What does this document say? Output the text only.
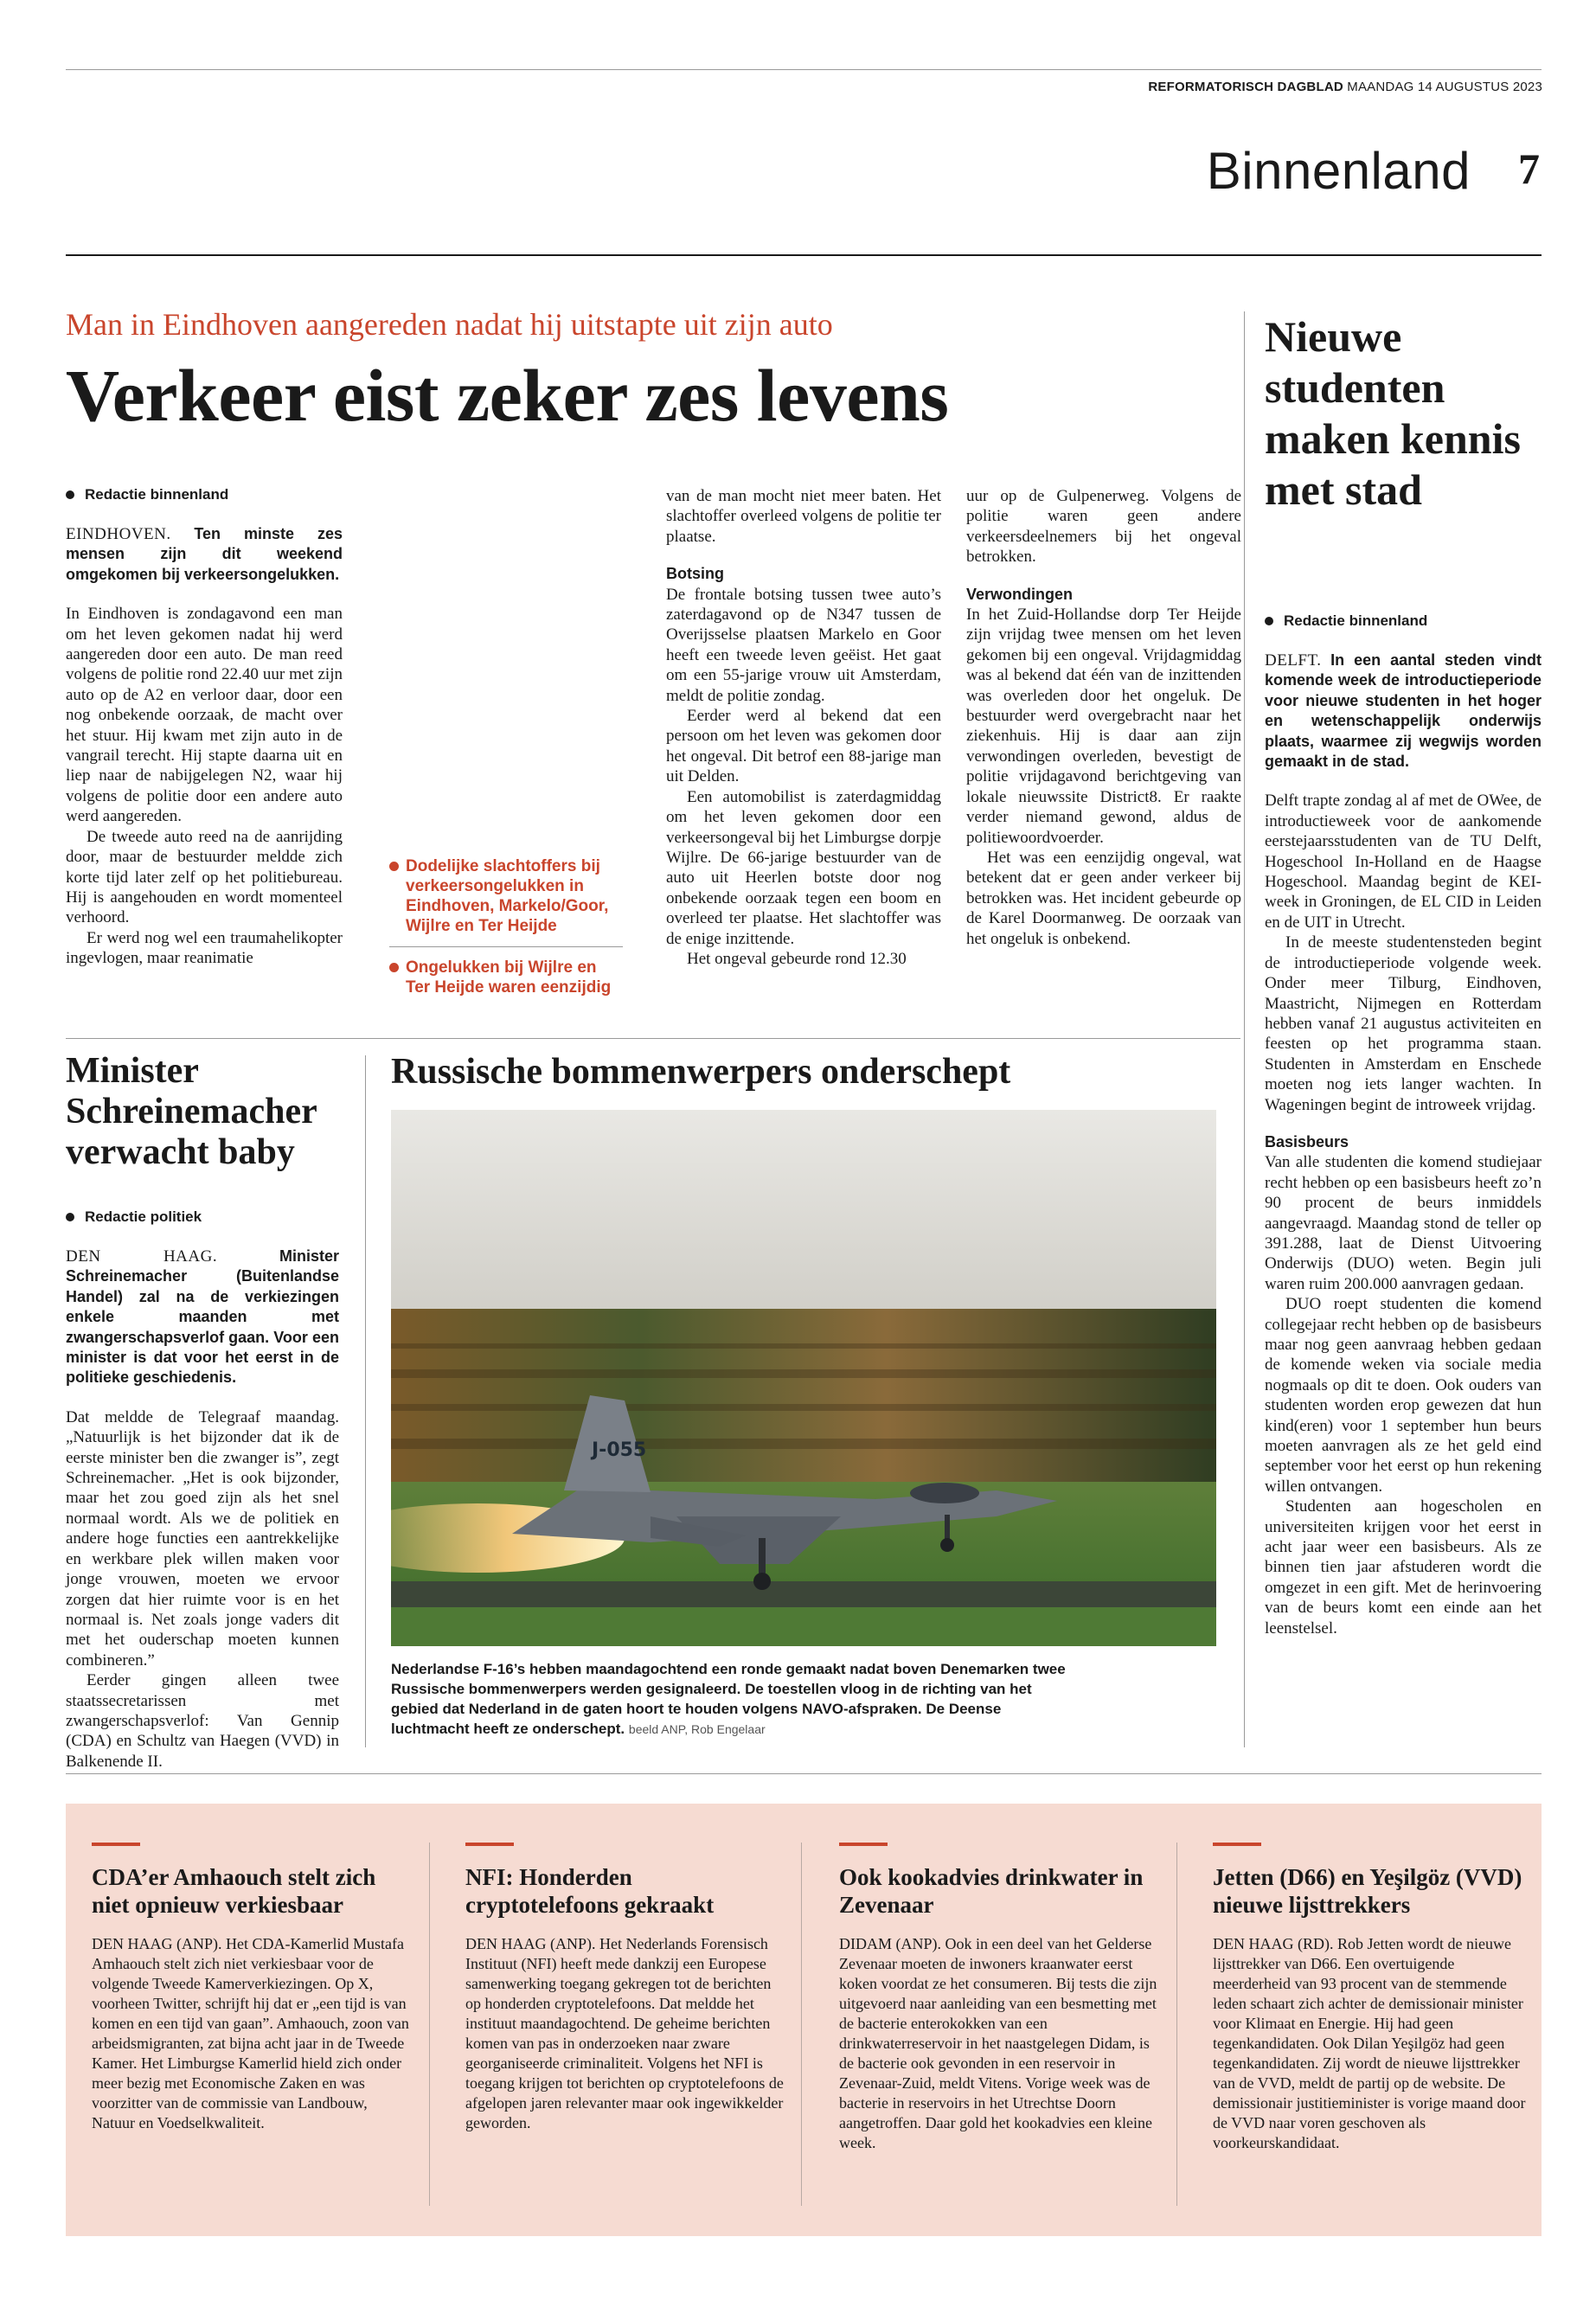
REFORMATORISCH DAGBLAD MAANDAG 14 AUGUSTUS 2023
Binnenland	7
Man in Eindhoven aangereden nadat hij uitstapte uit zijn auto
Verkeer eist zeker zes levens
Redactie binnenland

EINDHOVEN. Ten minste zes mensen zijn dit weekend omgekomen bij verkeersongelukken.

In Eindhoven is zondagavond een man om het leven gekomen nadat hij werd aangereden door een auto. De man reed volgens de politie rond 22.40 uur met zijn auto op de A2 en verloor daar, door een nog onbekende oorzaak, de macht over het stuur. Hij kwam met zijn auto in de vangrail terecht. Hij stapte daarna uit en liep naar de nabijgelegen N2, waar hij volgens de politie door een andere auto werd aangereden.

De tweede auto reed na de aanrijding door, maar de bestuurder meldde zich korte tijd later zelf op het politiebureau. Hij is aangehouden en wordt momenteel verhoord.

Er werd nog wel een traumahelikopter ingevlogen, maar reanimatie

Dodelijke slachtoffers bij verkeersongelukken in Eindhoven, Markelo/Goor, Wijlre en Ter Heijde
Ongelukken bij Wijlre en Ter Heijde waren eenzijdig

van de man mocht niet meer baten. Het slachtoffer overleed volgens de politie ter plaatse.

Botsing

De frontale botsing tussen twee auto’s zaterdagavond op de N347 tussen de Overijsselse plaatsen Markelo en Goor heeft een tweede leven geëist. Het gaat om een 55-jarige vrouw uit Amsterdam, meldt de politie zondag.

Eerder werd al bekend dat een persoon om het leven was gekomen door het ongeval. Dit betrof een 88-jarige man uit Delden.

Een automobilist is zaterdagmiddag om het leven gekomen door een verkeersongeval bij het Limburgse dorpje Wijlre. De 66-jarige bestuurder van de auto uit Heerlen botste door nog onbekende oorzaak tegen een boom en overleed ter plaatse. Het slachtoffer was de enige inzittende.

Het ongeval gebeurde rond 12.30

uur op de Gulpenerweg. Volgens de politie waren geen andere verkeersdeelnemers bij het ongeval betrokken.

Verwondingen

In het Zuid-Hollandse dorp Ter Heijde zijn vrijdag twee mensen om het leven gekomen bij een ongeval. Vrijdagmiddag was al bekend dat één van de inzittenden was overleden door het ongeluk. De bestuurder werd overgebracht naar het ziekenhuis. Hij is daar aan zijn verwondingen overleden, bevestigt de politie vrijdagavond berichtgeving van lokale nieuwssite District8. Er raakte verder niemand gewond, aldus de politiewoordvoerder.

Het was een eenzijdig ongeval, wat betekent dat er geen ander verkeer bij betrokken was. Het incident gebeurde op de Karel Doormanweg. De oorzaak van het ongeluk is onbekend.

Nieuwe studenten maken kennis met stad
Redactie binnenland

DELFT. In een aantal steden vindt komende week de introductieperiode voor nieuwe studenten in het hoger en wetenschappelijk onderwijs plaats, waarmee zij wegwijs worden gemaakt in de stad.

Delft trapte zondag al af met de OWee, de introductieweek voor de aankomende eerstejaarsstudenten van de TU Delft, Hogeschool In-Holland en de Haagse Hogeschool. Maandag begint de KEI-week in Groningen, de EL CID in Leiden en de UIT in Utrecht.

In de meeste studentensteden begint de introductieperiode volgende week. Onder meer Tilburg, Eindhoven, Maastricht, Nijmegen en Rotterdam hebben vanaf 21 augustus activiteiten en feesten op het programma staan. Studenten in Amsterdam en Enschede moeten nog iets langer wachten. In Wageningen begint de introweek vrijdag.

Basisbeurs

Van alle studenten die komend studiejaar recht hebben op een basisbeurs heeft zo’n 90 procent de beurs inmiddels aangevraagd. Maandag stond de teller op 391.288, laat de Dienst Uitvoering Onderwijs (DUO) weten. Begin juli waren ruim 200.000 aanvragen gedaan.

DUO roept studenten die komend collegejaar recht hebben op de basisbeurs maar nog geen aanvraag hebben gedaan de komende weken via sociale media nogmaals op dit te doen. Ook ouders van studenten worden erop gewezen dat hun kind(eren) voor 1 september hun beurs moeten aanvragen als ze het geld eind september voor het eerst op hun rekening willen ontvangen.

Studenten aan hogescholen en universiteiten krijgen voor het eerst in acht jaar weer een basisbeurs. Als ze binnen tien jaar afstuderen wordt die omgezet in een gift. Met de herinvoering van de beurs komt een einde aan het leenstelsel.

Minister Schreinemacher verwacht baby
Redactie politiek

DEN HAAG.	Minister Schreinemacher (Buitenlandse Handel) zal na de verkiezingen enkele maanden met zwangerschapsverlof gaan. Voor een minister is dat voor het eerst in de politieke geschiedenis.

Dat meldde de Telegraaf maandag. „Natuurlijk is het bijzonder dat ik de eerste minister ben die zwanger is”, zegt Schreinemacher. „Het is ook bijzonder, maar het zou goed zijn als het snel normaal wordt. Als we de politiek en andere hoge functies een aantrekkelijke en werkbare plek willen maken voor jonge vrouwen, moeten we ervoor zorgen dat hier ruimte voor is en het normaal is. Net zoals jonge vaders dit met het ouderschap moeten kunnen combineren.”

Eerder gingen alleen twee staatssecretarissen met zwangerschapsverlof: Van Gennip (CDA) en Schultz van Haegen (VVD) in Balkenende II.

Russische bommenwerpers onderschept
J-055
Nederlandse F-16’s hebben maandagochtend een ronde gemaakt nadat boven Denemarken twee Russische bommenwerpers werden gesignaleerd. De toestellen vloog in de richting van het gebied dat Nederland in de gaten hoort te houden volgens NAVO-afspraken. De Deense luchtmacht heeft ze onderschept. beeld ANP, Rob Engelaar
CDA’er Amhaouch stelt zich niet opnieuw verkiesbaar
DEN HAAG (ANP). Het CDA-Kamerlid Mustafa Amhaouch stelt zich niet verkiesbaar voor de volgende Tweede Kamerverkiezingen. Op X, voorheen Twitter, schrijft hij dat er „een tijd is van komen en een tijd van gaan”. Amhaouch, zoon van arbeidsmigranten, zat bijna acht jaar in de Tweede Kamer. Het Limburgse Kamerlid hield zich onder meer bezig met Economische Zaken en was voorzitter van de commissie van Landbouw, Natuur en Voedselkwaliteit.
NFI: Honderden cryptotelefoons gekraakt
DEN HAAG (ANP). Het Nederlands Forensisch Instituut (NFI) heeft mede dankzij een Europese samenwerking toegang gekregen tot de berichten op honderden cryptotelefoons. Dat meldde het instituut maandagochtend. De geheime berichten komen van pas in onderzoeken naar zware georganiseerde criminaliteit. Volgens het NFI is toegang krijgen tot berichten op cryptotelefoons de afgelopen jaren relevanter maar ook ingewikkelder geworden.
Ook kookadvies drinkwater in Zevenaar
DIDAM (ANP). Ook in een deel van het Gelderse Zevenaar moeten de inwoners kraanwater eerst koken voordat ze het consumeren. Bij tests die zijn uitgevoerd naar aanleiding van een besmetting met de bacterie enterokokken van een drinkwaterreservoir in het naastgelegen Didam, is de bacterie ook gevonden in een reservoir in Zevenaar-Zuid, meldt Vitens. Vorige week was de bacterie in reservoirs in het Utrechtse Doorn aangetroffen. Daar gold het kookadvies een kleine week.
Jetten (D66) en Yeşilgöz (VVD) nieuwe lijsttrekkers
DEN HAAG (RD). Rob Jetten wordt de nieuwe lijsttrekker van D66. Een overtuigende meerderheid van 93 procent van de stemmende leden schaart zich achter de demissionair minister voor Klimaat en Energie. Hij had geen tegenkandidaten. Ook Dilan Yeşilgöz had geen tegenkandidaten. Zij wordt de nieuwe lijsttrekker van de VVD, meldt de partij op de website. De demissionair justitieminister is vorige maand door de VVD naar voren geschoven als voorkeurskandidaat.
